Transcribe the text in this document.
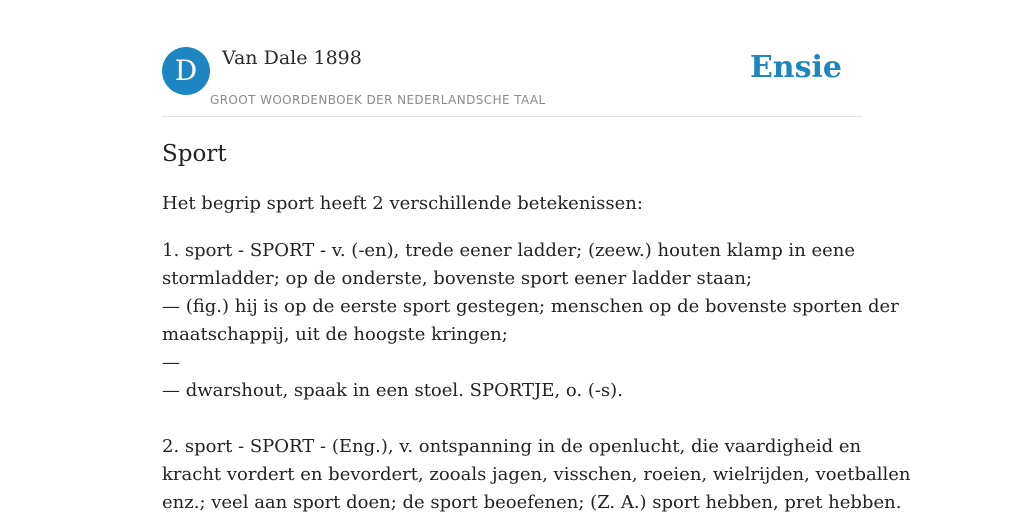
D	Van Dale 1898
GROOT WOORDENBOEK DER NEDERLANDSCHE TAAL
Ensie
Sport

Het begrip sport heeft 2 verschillende betekenissen:

1. sport - SPORT - v. (-en), trede eener ladder; (zeew.) houten klamp in eene
stormladder; op de onderste, bovenste sport eener ladder staan;
— (fig.) hij is op de eerste sport gestegen; menschen op de bovenste sporten der
maatschappij, uit de hoogste kringen;
—
— dwarshout, spaak in een stoel. SPORTJE, o. (-s).
2. sport - SPORT - (Eng.), v. ontspanning in de openlucht, die vaardigheid en
kracht vordert en bevordert, zooals jagen, visschen, roeien, wielrijden, voetballen
enz.; veel aan sport doen; de sport beoefenen; (Z. A.) sport hebben, pret hebben.
